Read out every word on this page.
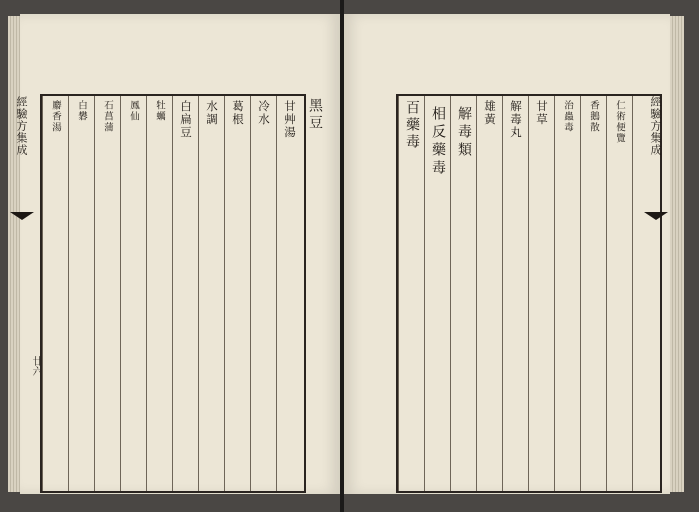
經驗方集成
廿六
麝香湯	白礬	石菖蒲	鳳仙	牡蠣	白扁豆	水調	葛根	冷水	甘艸湯 黑豆	百藥毒 相反藥毒 解毒類 雄黃	解毒丸	甘草	治蟲毒	香鵝散	仁術便覽	經驗方集成
